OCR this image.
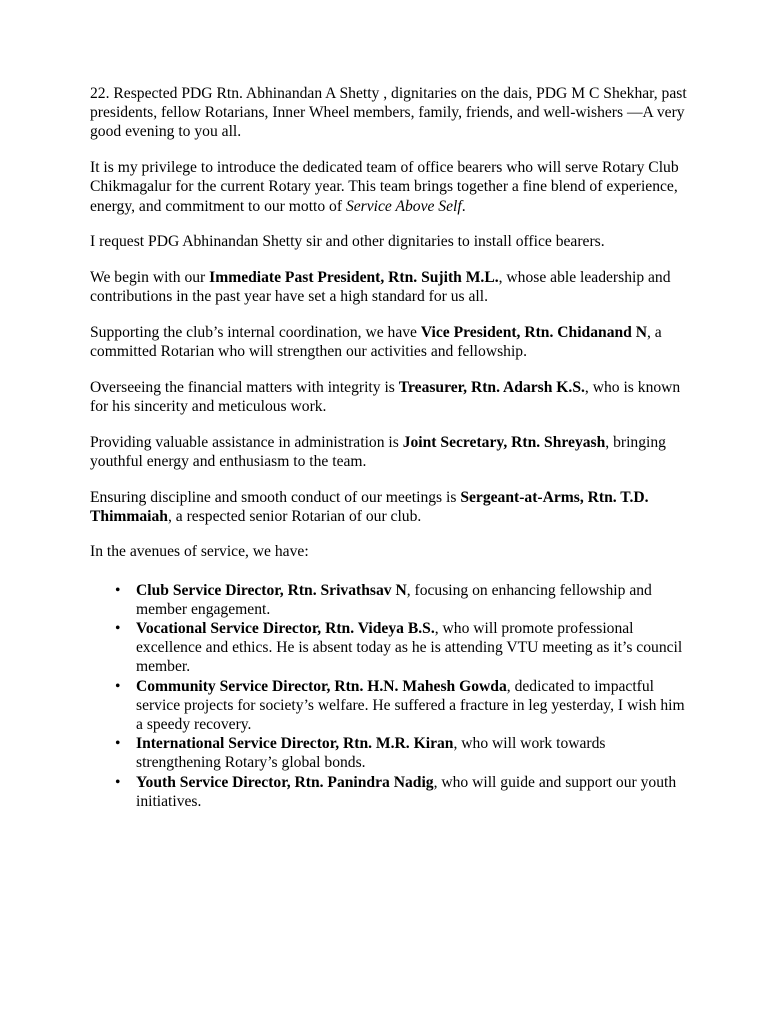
22. Respected PDG Rtn. Abhinandan A Shetty , dignitaries on the dais, PDG M C Shekhar, past presidents, fellow Rotarians, Inner Wheel members, family, friends, and well-wishers —A very good evening to you all.

It is my privilege to introduce the dedicated team of office bearers who will serve Rotary Club Chikmagalur for the current Rotary year. This team brings together a fine blend of experience, energy, and commitment to our motto of Service Above Self.

I request PDG Abhinandan Shetty sir and other dignitaries to install office bearers.

We begin with our Immediate Past President, Rtn. Sujith M.L., whose able leadership and contributions in the past year have set a high standard for us all.

Supporting the club’s internal coordination, we have Vice President, Rtn. Chidanand N, a committed Rotarian who will strengthen our activities and fellowship.

Overseeing the financial matters with integrity is Treasurer, Rtn. Adarsh K.S., who is known for his sincerity and meticulous work.

Providing valuable assistance in administration is Joint Secretary, Rtn. Shreyash, bringing youthful energy and enthusiasm to the team.

Ensuring discipline and smooth conduct of our meetings is Sergeant-at-Arms, Rtn. T.D. Thimmaiah, a respected senior Rotarian of our club.

In the avenues of service, we have:

• Club Service Director, Rtn. Srivathsav N, focusing on enhancing fellowship and member engagement.
• Vocational Service Director, Rtn. Videya B.S., who will promote professional excellence and ethics. He is absent today as he is attending VTU meeting as it’s council member.
• Community Service Director, Rtn. H.N. Mahesh Gowda, dedicated to impactful service projects for society’s welfare. He suffered a fracture in leg yesterday, I wish him a speedy recovery.
• International Service Director, Rtn. M.R. Kiran, who will work towards strengthening Rotary’s global bonds.
• Youth Service Director, Rtn. Panindra Nadig, who will guide and support our youth initiatives.
